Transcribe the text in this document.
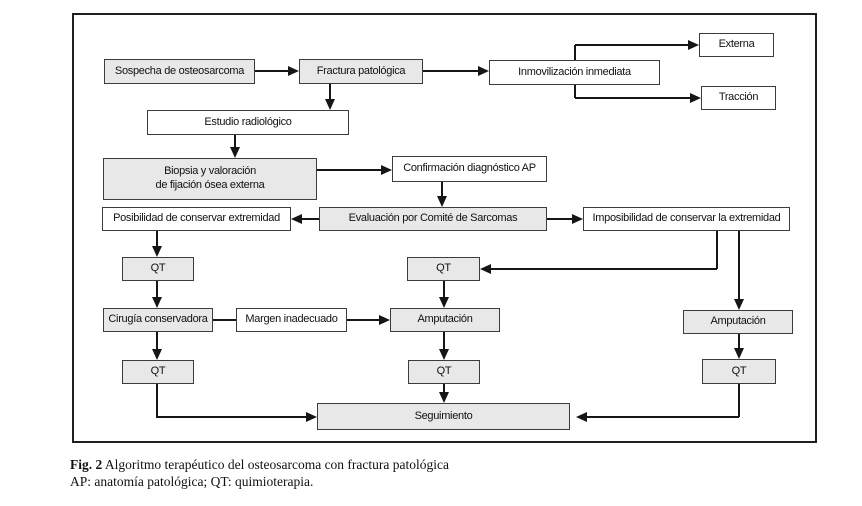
Sospecha de osteosarcoma	Fractura patológica	Inmovilización inmediata
Externa
Tracción
Estudio radiológico
Biopsia y valoración
de fijación ósea externa
Confirmación diagnóstico AP
Posibilidad de conservar extremidad	Evaluación por Comité de Sarcomas	Imposibilidad de conservar la extremidad
QT	QT
Cirugía conservadora	Margen inadecuado	Amputación	Amputación
QT	QT	QT
Seguimiento
Fig. 2 Algoritmo terapéutico del osteosarcoma con fractura patológica
AP: anatomía patológica; QT: quimioterapia.
